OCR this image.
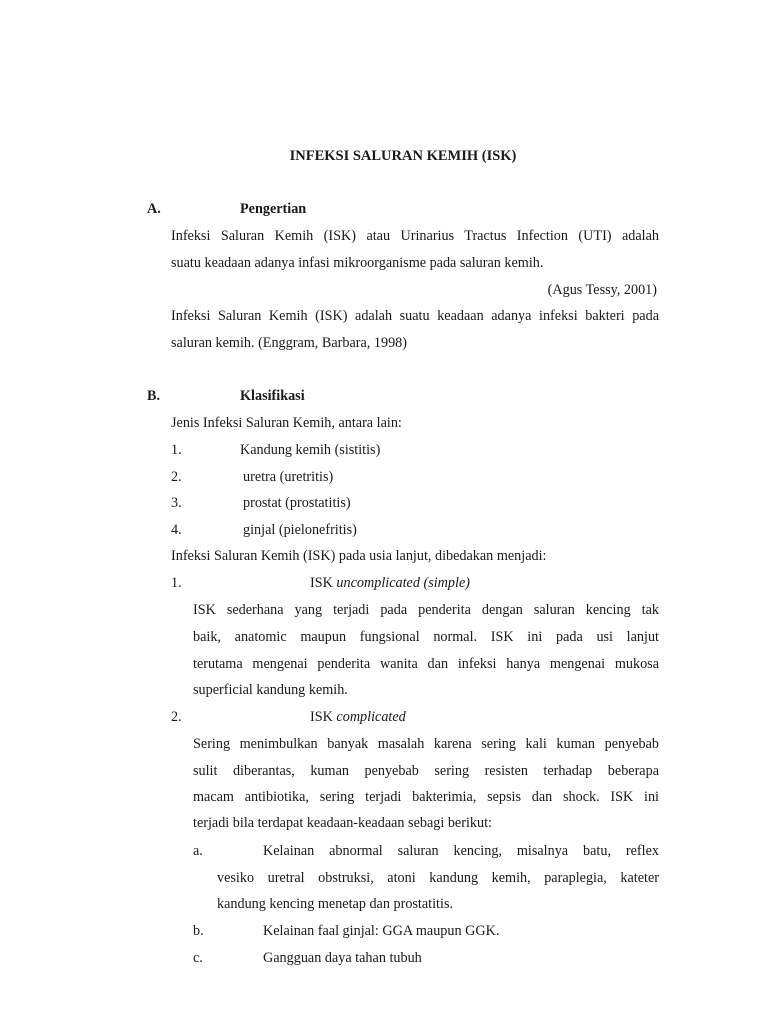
INFEKSI SALURAN KEMIH (ISK)
A.	Pengertian
Infeksi Saluran Kemih (ISK) atau Urinarius Tractus Infection (UTI) adalah
suatu keadaan adanya infasi mikroorganisme pada saluran kemih.
(Agus Tessy, 2001)
Infeksi Saluran Kemih (ISK) adalah suatu keadaan adanya infeksi bakteri pada
saluran kemih. (Enggram, Barbara, 1998)
B.	Klasifikasi
Jenis Infeksi Saluran Kemih, antara lain:
1.	Kandung kemih (sistitis)
2.	uretra (uretritis)
3.	prostat (prostatitis)
4.	ginjal (pielonefritis)
Infeksi Saluran Kemih (ISK) pada usia lanjut, dibedakan menjadi:
1.	ISK uncomplicated (simple)
ISK sederhana yang terjadi pada penderita dengan saluran kencing tak
baik, anatomic maupun fungsional normal. ISK ini pada usi lanjut
terutama mengenai penderita wanita dan infeksi hanya mengenai mukosa
superficial kandung kemih.
2.	ISK complicated
Sering menimbulkan banyak masalah karena sering kali kuman penyebab
sulit diberantas, kuman penyebab sering resisten terhadap beberapa
macam antibiotika, sering terjadi bakterimia, sepsis dan shock. ISK ini
terjadi bila terdapat keadaan-keadaan sebagi berikut:
a.	Kelainan abnormal saluran kencing, misalnya batu, reflex
vesiko uretral obstruksi, atoni kandung kemih, paraplegia, kateter
kandung kencing menetap dan prostatitis.
b.	Kelainan faal ginjal: GGA maupun GGK.
c.	Gangguan daya tahan tubuh
